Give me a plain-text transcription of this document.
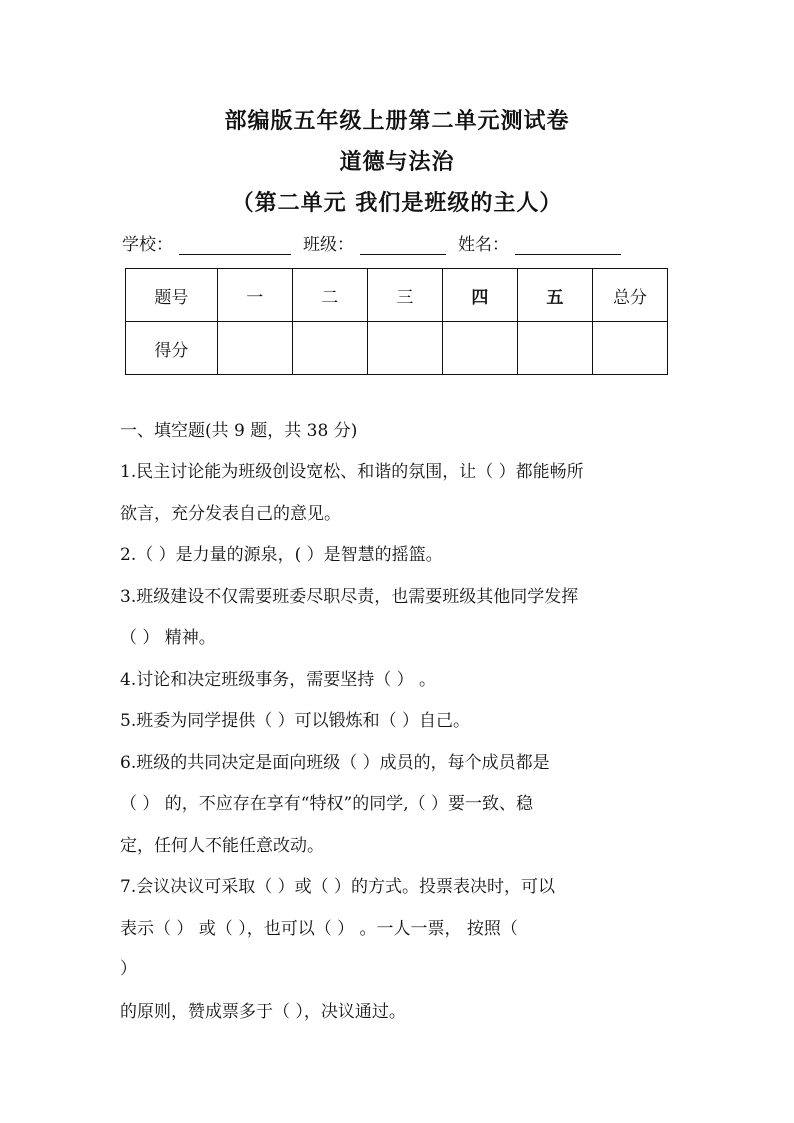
部编版五年级上册第二单元测试卷
道德与法治
（第二单元 我们是班级的主人）
学校：	班级：	姓名：
题号	一	二	三	四	五	总分
得分						
一、填空题(共 9 题，共 38 分)
1.民主讨论能为班级创设宽松、和谐的氛围，让（ ）都能畅所
欲言，充分发表自己的意见。
2.（ ）是力量的源泉，( ）是智慧的摇篮。
3.班级建设不仅需要班委尽职尽责，也需要班级其他同学发挥
（ ） 精神。
4.讨论和决定班级事务，需要坚持（ ） 。
5.班委为同学提供（ ）可以锻炼和（ ）自己。
6.班级的共同决定是面向班级（ ）成员的，每个成员都是
（ ） 的，不应存在享有“特权”的同学,（ ）要一致、稳
定，任何人不能任意改动。
7.会议决议可采取（ ）或（ ）的方式。投票表决时，可以
表示（ ） 或（ ），也可以（ ） 。一人一票， 按照（
）
的原则，赞成票多于（ ），决议通过。
